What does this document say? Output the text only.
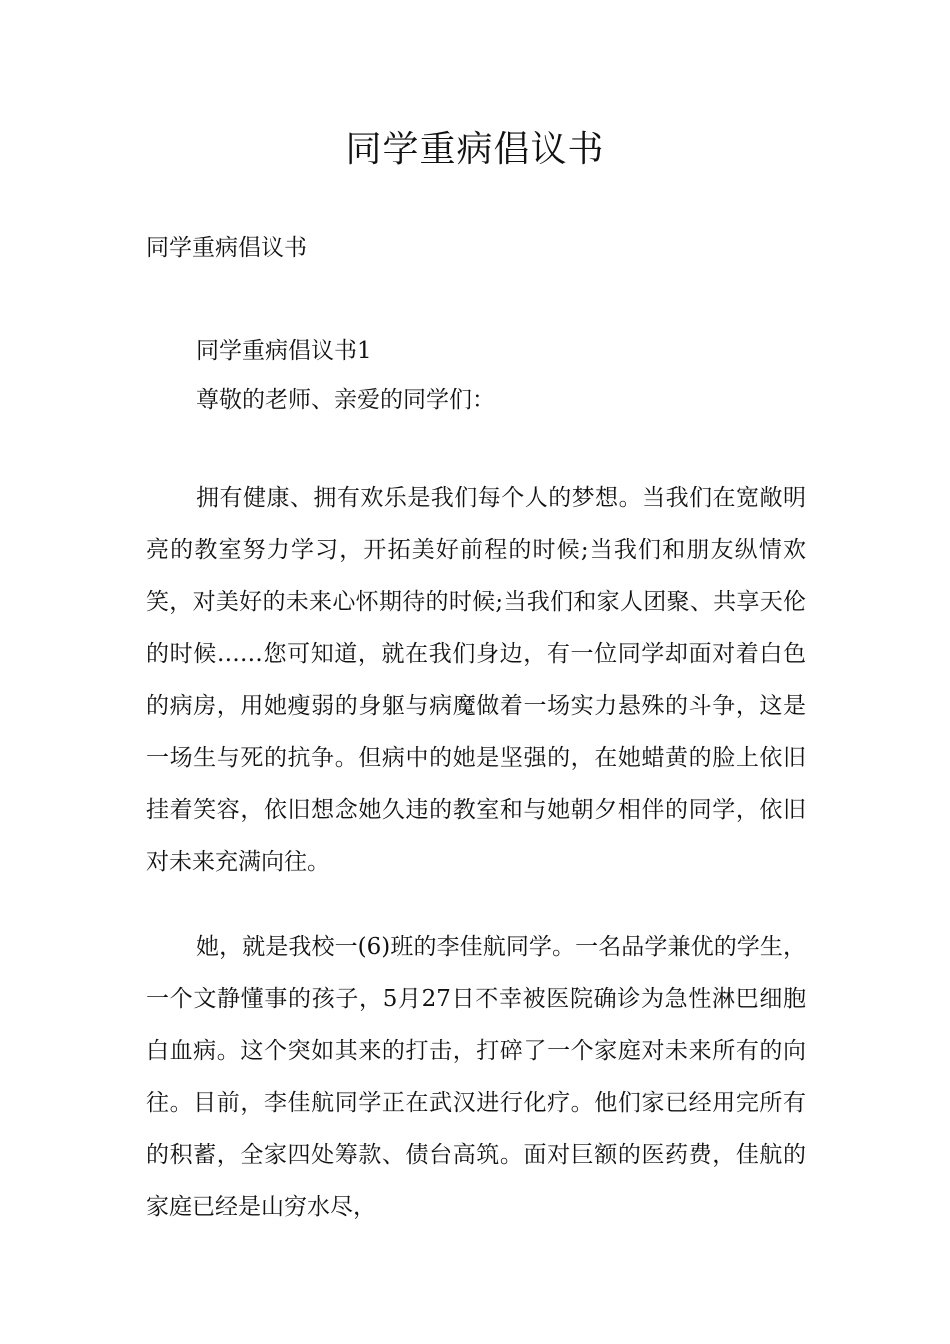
同学重病倡议书

同学重病倡议书

同学重病倡议书1

尊敬的老师、亲爱的同学们：

拥有健康、拥有欢乐是我们每个人的梦想。当我们在宽敞明亮的教室努力学习，开拓美好前程的时候;当我们和朋友纵情欢笑，对美好的未来心怀期待的时候;当我们和家人团聚、共享天伦的时候……您可知道，就在我们身边，有一位同学却面对着白色的病房，用她瘦弱的身躯与病魔做着一场实力悬殊的斗争，这是一场生与死的抗争。但病中的她是坚强的，在她蜡黄的脸上依旧挂着笑容，依旧想念她久违的教室和与她朝夕相伴的同学，依旧对未来充满向往。

她，就是我校一(6)班的李佳航同学。一名品学兼优的学生，一个文静懂事的孩子，5月27日不幸被医院确诊为急性淋巴细胞白血病。这个突如其来的打击，打碎了一个家庭对未来所有的向往。目前，李佳航同学正在武汉进行化疗。他们家已经用完所有的积蓄，全家四处筹款、债台高筑。面对巨额的医药费，佳航的家庭已经是山穷水尽，
